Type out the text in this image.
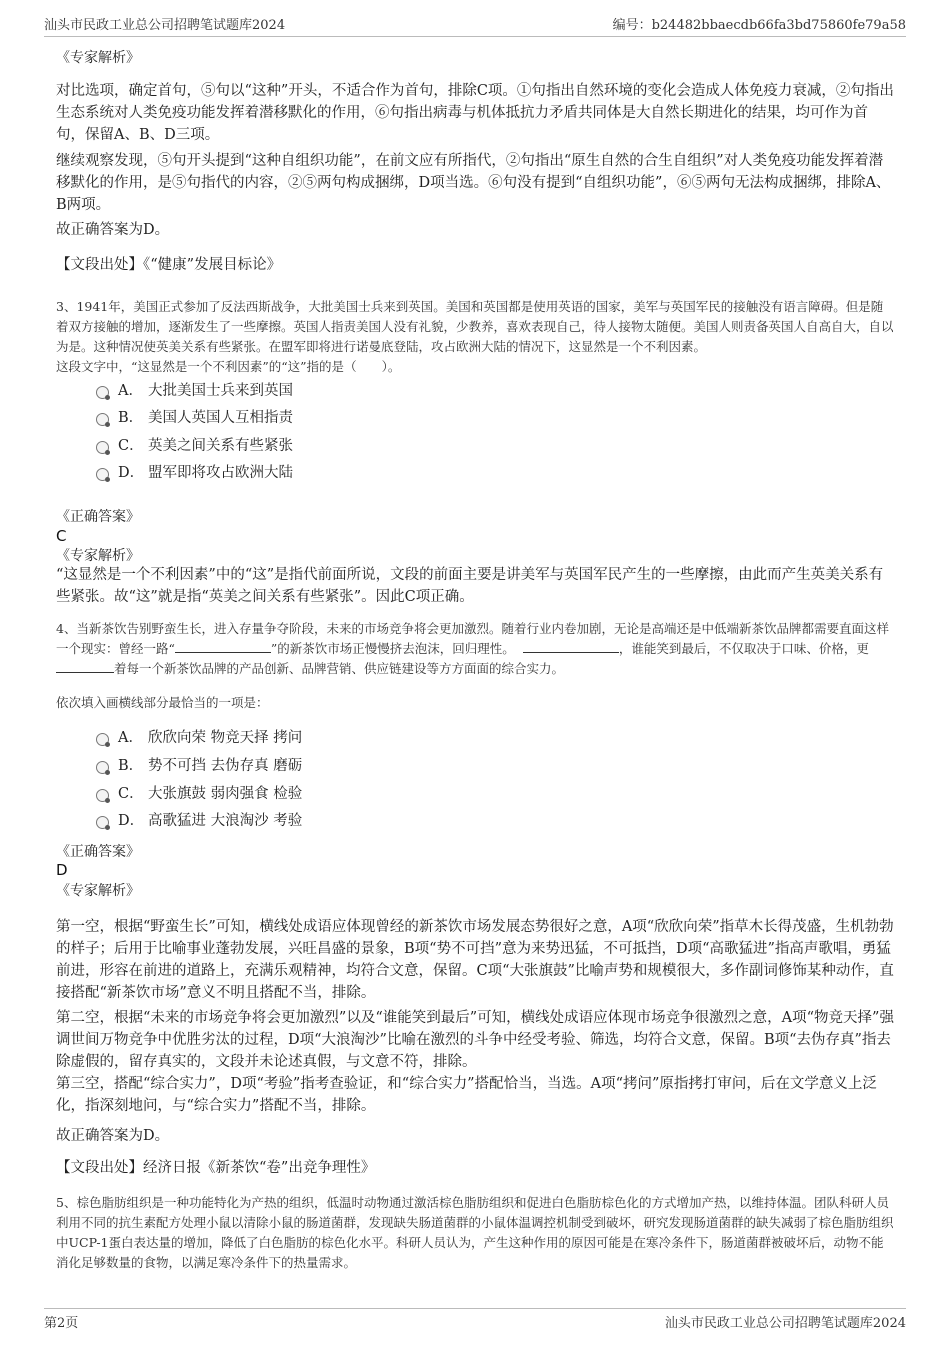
汕头市民政工业总公司招聘笔试题库2024	编号：b24482bbaecdb66fa3bd75860fe79a58
《专家解析》
对比选项，确定首句，⑤句以“这种”开头，不适合作为首句，排除C项。①句指出自然环境的变化会造成人体免疫力衰减，②句指出生态系统对人类免疫功能发挥着潜移默化的作用，⑥句指出病毒与机体抵抗力矛盾共同体是大自然长期进化的结果，均可作为首句，保留A、B、D三项。
继续观察发现，⑤句开头提到“这种自组织功能”，在前文应有所指代，②句指出“原生自然的合生自组织”对人类免疫功能发挥着潜移默化的作用，是⑤句指代的内容，②⑤两句构成捆绑，D项当选。⑥句没有提到“自组织功能”，⑥⑤两句无法构成捆绑，排除A、B两项。
故正确答案为D。
【文段出处】《“健康”发展目标论》
3、1941年，美国正式参加了反法西斯战争，大批美国士兵来到英国。美国和英国都是使用英语的国家，美军与英国军民的接触没有语言障碍。但是随着双方接触的增加，逐渐发生了一些摩擦。英国人指责美国人没有礼貌，少教养，喜欢表现自己，待人接物太随便。美国人则责备英国人自高自大，自以为是。这种情况使英美关系有些紧张。在盟军即将进行诺曼底登陆，攻占欧洲大陆的情况下，这显然是一个不利因素。
这段文字中，“这显然是一个不利因素”的“这”指的是（　　）。
A． 大批美国士兵来到英国
B． 美国人英国人互相指责
C． 英美之间关系有些紧张
D． 盟军即将攻占欧洲大陆
《正确答案》
C
《专家解析》
“这显然是一个不利因素”中的“这”是指代前面所说，文段的前面主要是讲美军与英国军民产生的一些摩擦，由此而产生英美关系有些紧张。故“这”就是指“英美之间关系有些紧张”。因此C项正确。
4、当新茶饮告别野蛮生长，进入存量争夺阶段，未来的市场竞争将会更加激烈。随着行业内卷加剧，无论是高端还是中低端新茶饮品牌都需要直面这样一个现实：曾经一路“	”的新茶饮市场正慢慢挤去泡沫，回归理性。	，谁能笑到最后，不仅取决于口味、价格，更着每一个新茶饮品牌的产品创新、品牌营销、供应链建设等方方面面的综合实力。
依次填入画横线部分最恰当的一项是：
A． 欣欣向荣 物竞天择 拷问
B． 势不可挡 去伪存真 磨砺
C． 大张旗鼓 弱肉强食 检验
D． 高歌猛进 大浪淘沙 考验
《正确答案》
D
《专家解析》
第一空，根据“野蛮生长”可知，横线处成语应体现曾经的新茶饮市场发展态势很好之意，A项“欣欣向荣”指草木长得茂盛，生机勃勃的样子；后用于比喻事业蓬勃发展，兴旺昌盛的景象，B项“势不可挡”意为来势迅猛，不可抵挡，D项“高歌猛进”指高声歌唱，勇猛前进，形容在前进的道路上，充满乐观精神，均符合文意，保留。C项“大张旗鼓”比喻声势和规模很大，多作副词修饰某种动作，直接搭配“新茶饮市场”意义不明且搭配不当，排除。
第二空，根据“未来的市场竞争将会更加激烈”以及“谁能笑到最后”可知，横线处成语应体现市场竞争很激烈之意，A项“物竞天择”强调世间万物竞争中优胜劣汰的过程，D项“大浪淘沙”比喻在激烈的斗争中经受考验、筛选，均符合文意，保留。B项“去伪存真”指去除虚假的，留存真实的，文段并未论述真假，与文意不符，排除。
第三空，搭配“综合实力”，D项“考验”指考查验证，和“综合实力”搭配恰当，当选。A项“拷问”原指拷打审问，后在文学意义上泛化，指深刻地问，与“综合实力”搭配不当，排除。
故正确答案为D。
【文段出处】经济日报《新茶饮“卷”出竞争理性》
5、棕色脂肪组织是一种功能特化为产热的组织，低温时动物通过激活棕色脂肪组织和促进白色脂肪棕色化的方式增加产热，以维持体温。团队科研人员利用不同的抗生素配方处理小鼠以清除小鼠的肠道菌群，发现缺失肠道菌群的小鼠体温调控机制受到破坏，研究发现肠道菌群的缺失减弱了棕色脂肪组织中UCP-1蛋白表达量的增加，降低了白色脂肪的棕色化水平。科研人员认为，产生这种作用的原因可能是在寒冷条件下，肠道菌群被破坏后，动物不能消化足够数量的食物，以满足寒冷条件下的热量需求。
第2页	汕头市民政工业总公司招聘笔试题库2024
